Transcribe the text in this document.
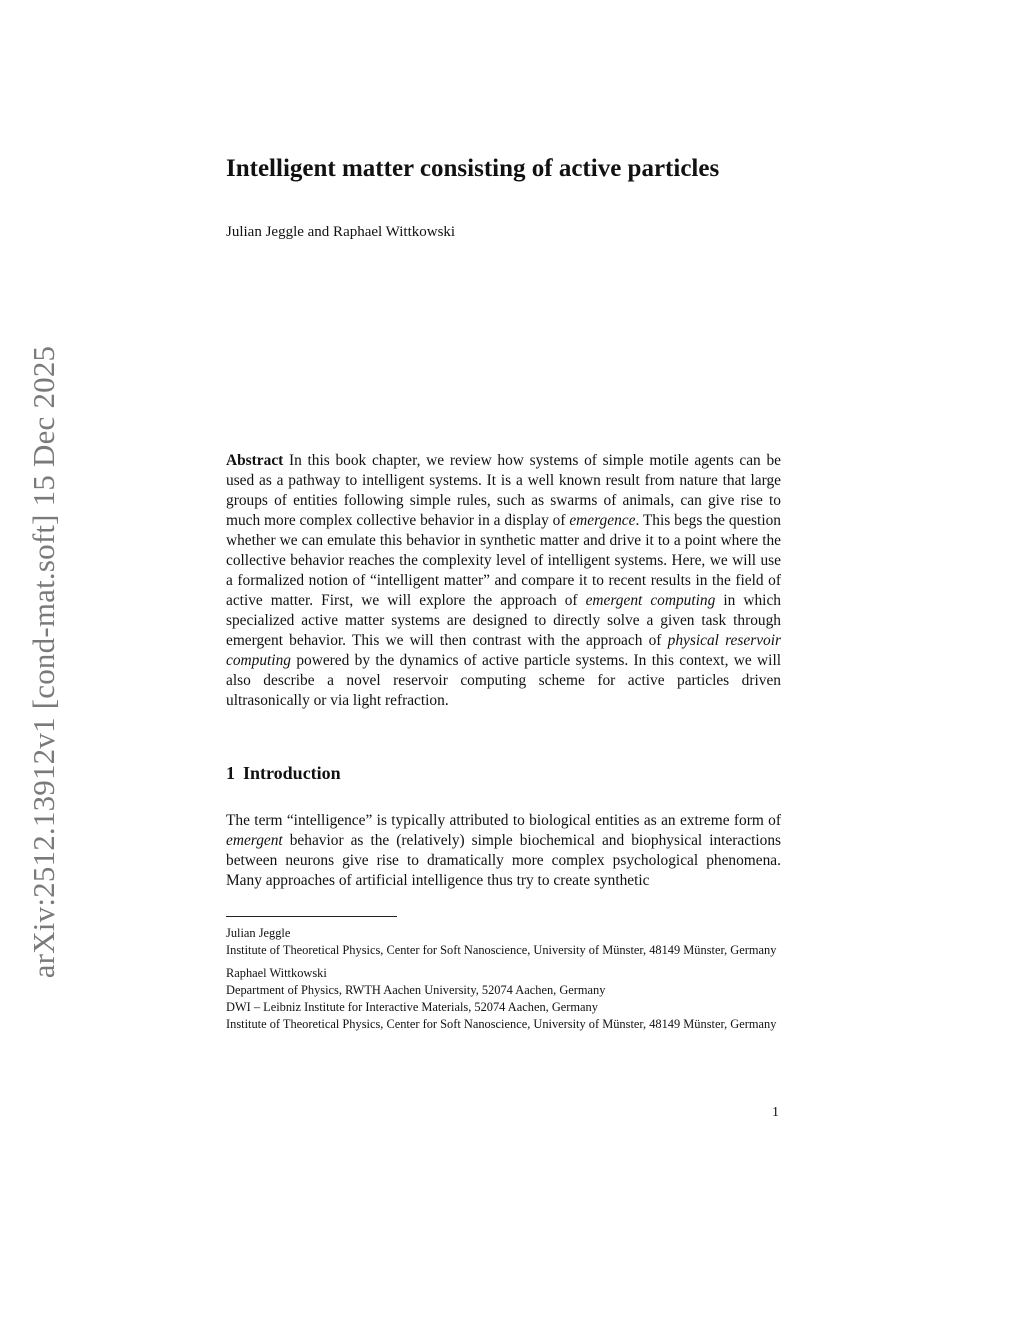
arXiv:2512.13912v1 [cond-mat.soft] 15 Dec 2025
Intelligent matter consisting of active particles
Julian Jeggle and Raphael Wittkowski

Abstract In this book chapter, we review how systems of simple motile agents can be used as a pathway to intelligent systems. It is a well known result from nature that large groups of entities following simple rules, such as swarms of animals, can give rise to much more complex collective behavior in a display of emergence. This begs the question whether we can emulate this behavior in synthetic matter and drive it to a point where the collective behavior reaches the complexity level of intelligent systems. Here, we will use a formalized notion of “intelligent matter” and compare it to recent results in the field of active matter. First, we will explore the approach of emergent computing in which specialized active matter systems are designed to directly solve a given task through emergent behavior. This we will then contrast with the approach of physical reservoir computing powered by the dynamics of active particle systems. In this context, we will also describe a novel reservoir computing scheme for active particles driven ultrasonically or via light refraction.

1 Introduction

The term “intelligence” is typically attributed to biological entities as an extreme form of emergent behavior as the (relatively) simple biochemical and biophysical interactions between neurons give rise to dramatically more complex psychological phenomena. Many approaches of artificial intelligence thus try to create synthetic

Julian Jeggle
Institute of Theoretical Physics, Center for Soft Nanoscience, University of Münster, 48149 Münster, Germany
Raphael Wittkowski
Department of Physics, RWTH Aachen University, 52074 Aachen, Germany
DWI – Leibniz Institute for Interactive Materials, 52074 Aachen, Germany
Institute of Theoretical Physics, Center for Soft Nanoscience, University of Münster, 48149 Münster, Germany
1
